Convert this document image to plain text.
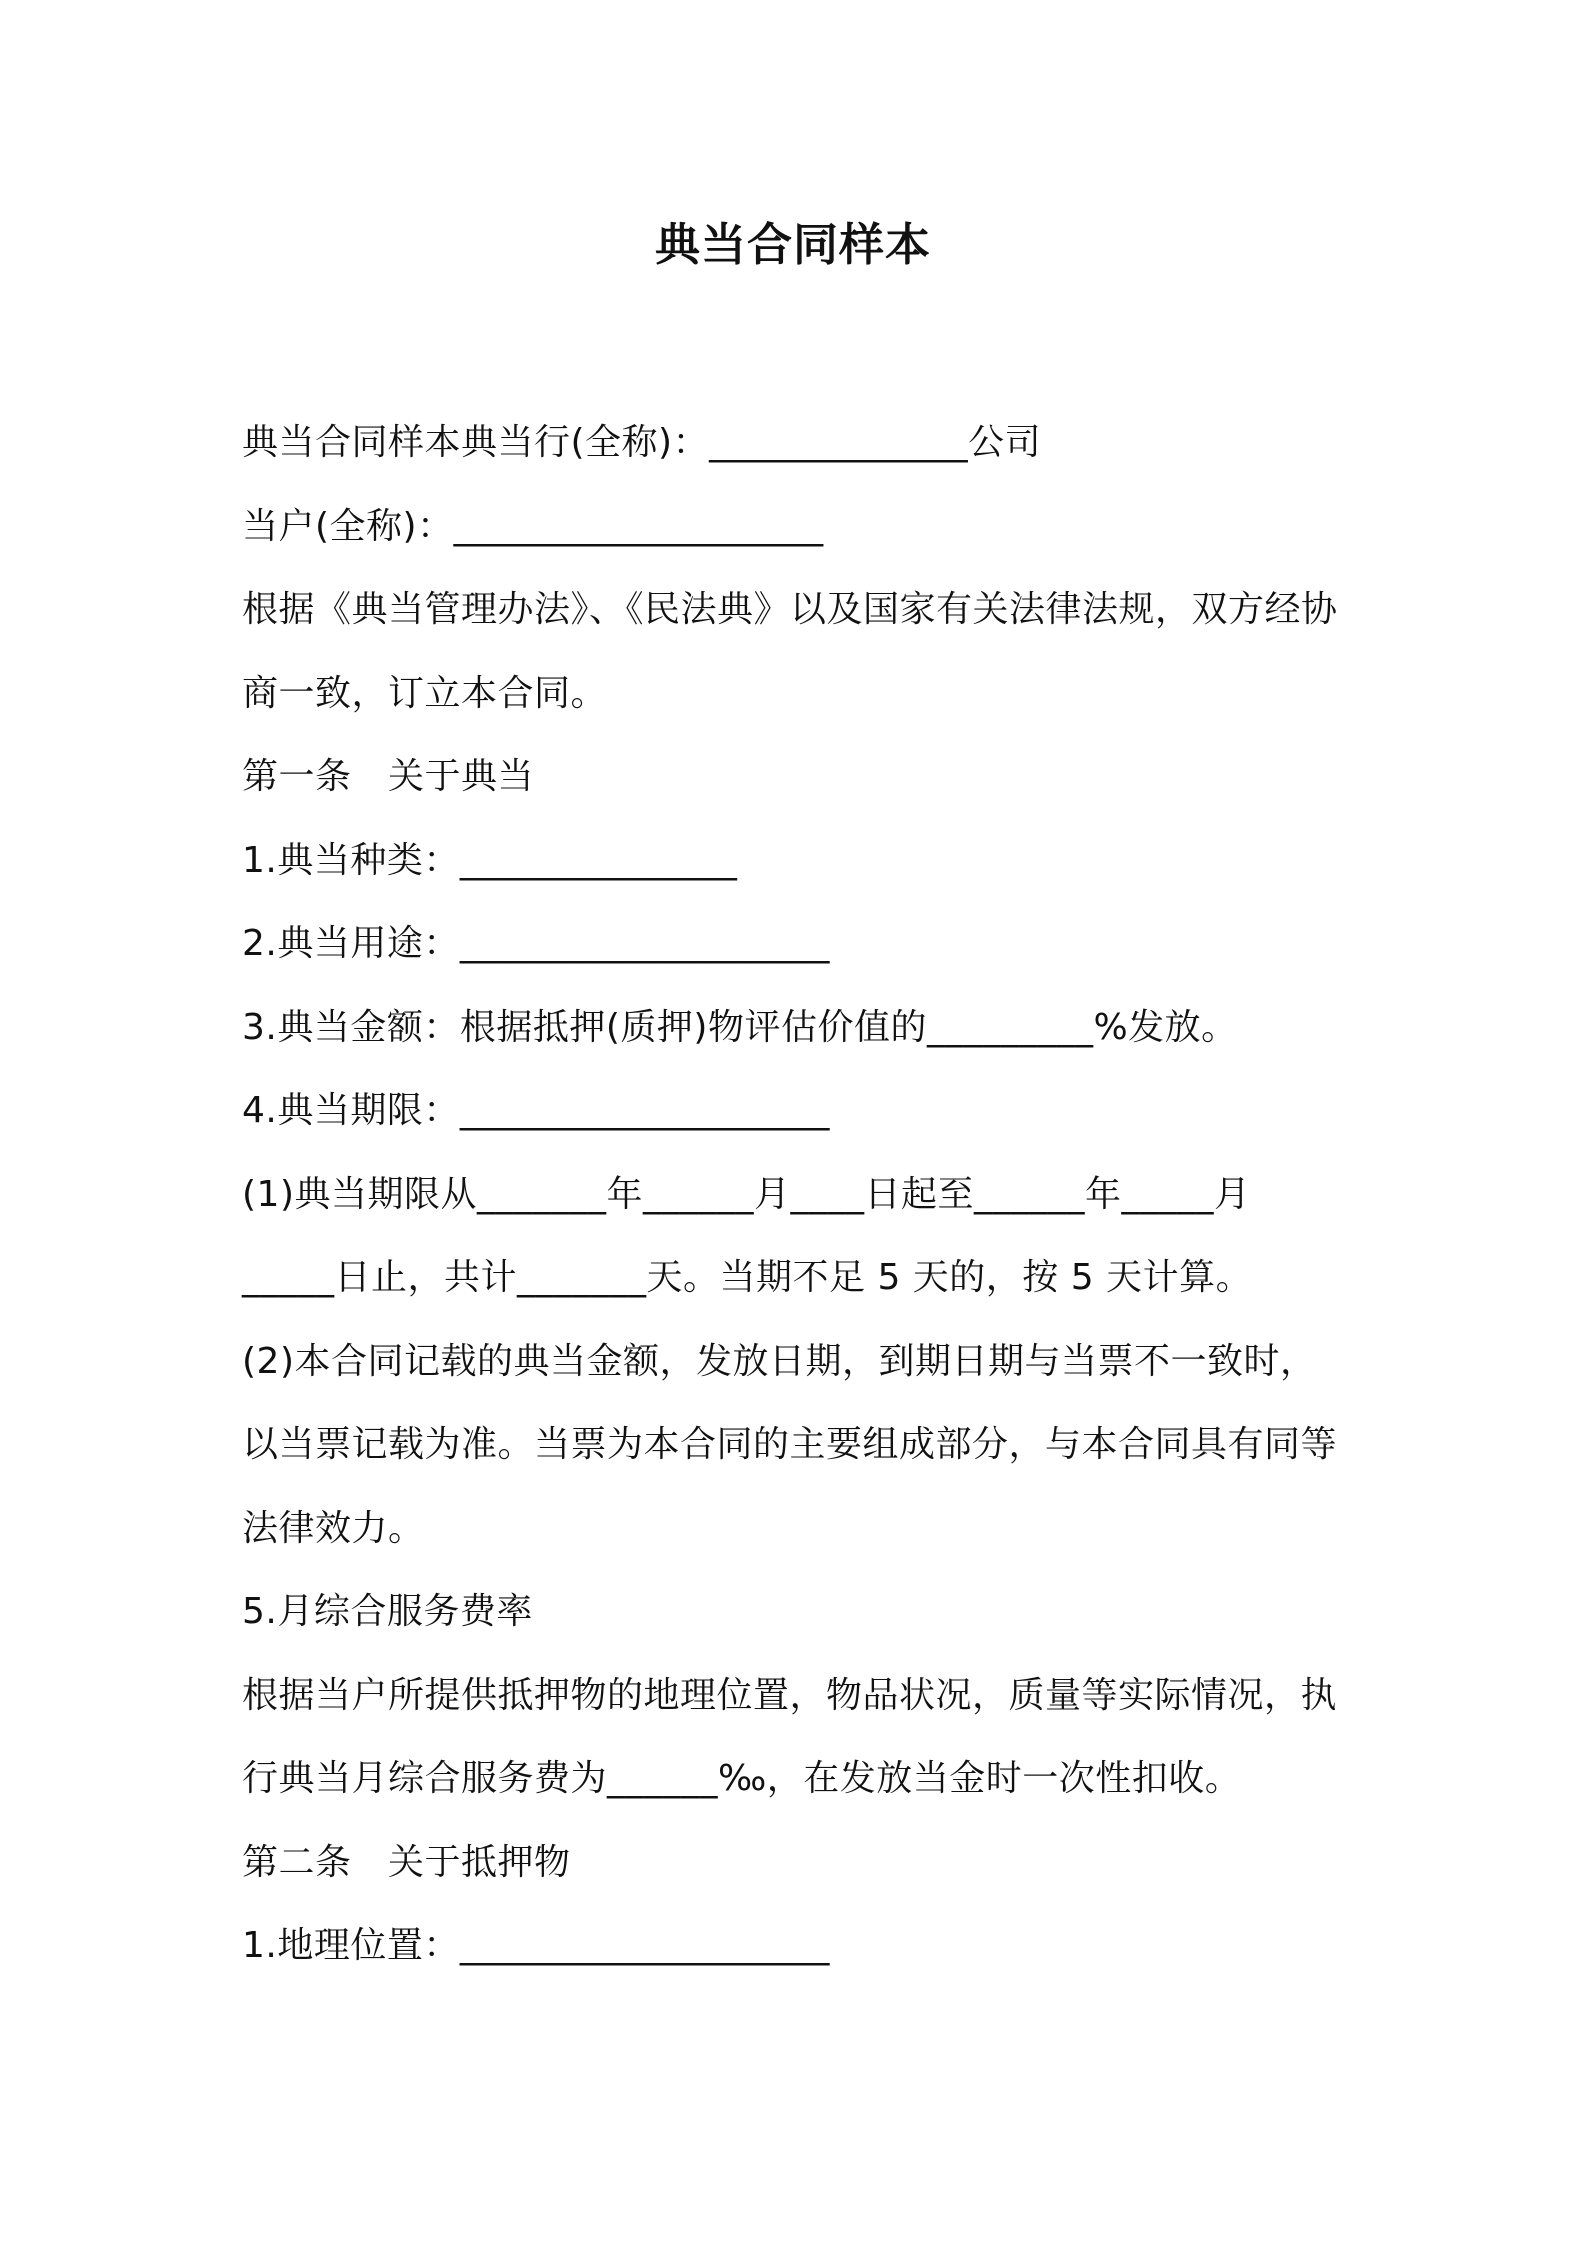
典当合同样本
典当合同样本典当行(全称)：______________公司
当户(全称)：____________________
根据《典当管理办法》、《民法典》以及国家有关法律法规，双方经协
商一致，订立本合同。
第一条　关于典当
1.典当种类：_______________
2.典当用途：____________________
3.典当金额：根据抵押(质押)物评估价值的_________%发放。
4.典当期限：____________________
(1)典当期限从_______年______月____日起至______年_____月
_____日止，共计_______天。当期不足 5 天的，按 5 天计算。
(2)本合同记载的典当金额，发放日期，到期日期与当票不一致时，
以当票记载为准。当票为本合同的主要组成部分，与本合同具有同等
法律效力。
5.月综合服务费率
根据当户所提供抵押物的地理位置，物品状况，质量等实际情况，执
行典当月综合服务费为______‰，在发放当金时一次性扣收。
第二条　关于抵押物
1.地理位置：____________________
